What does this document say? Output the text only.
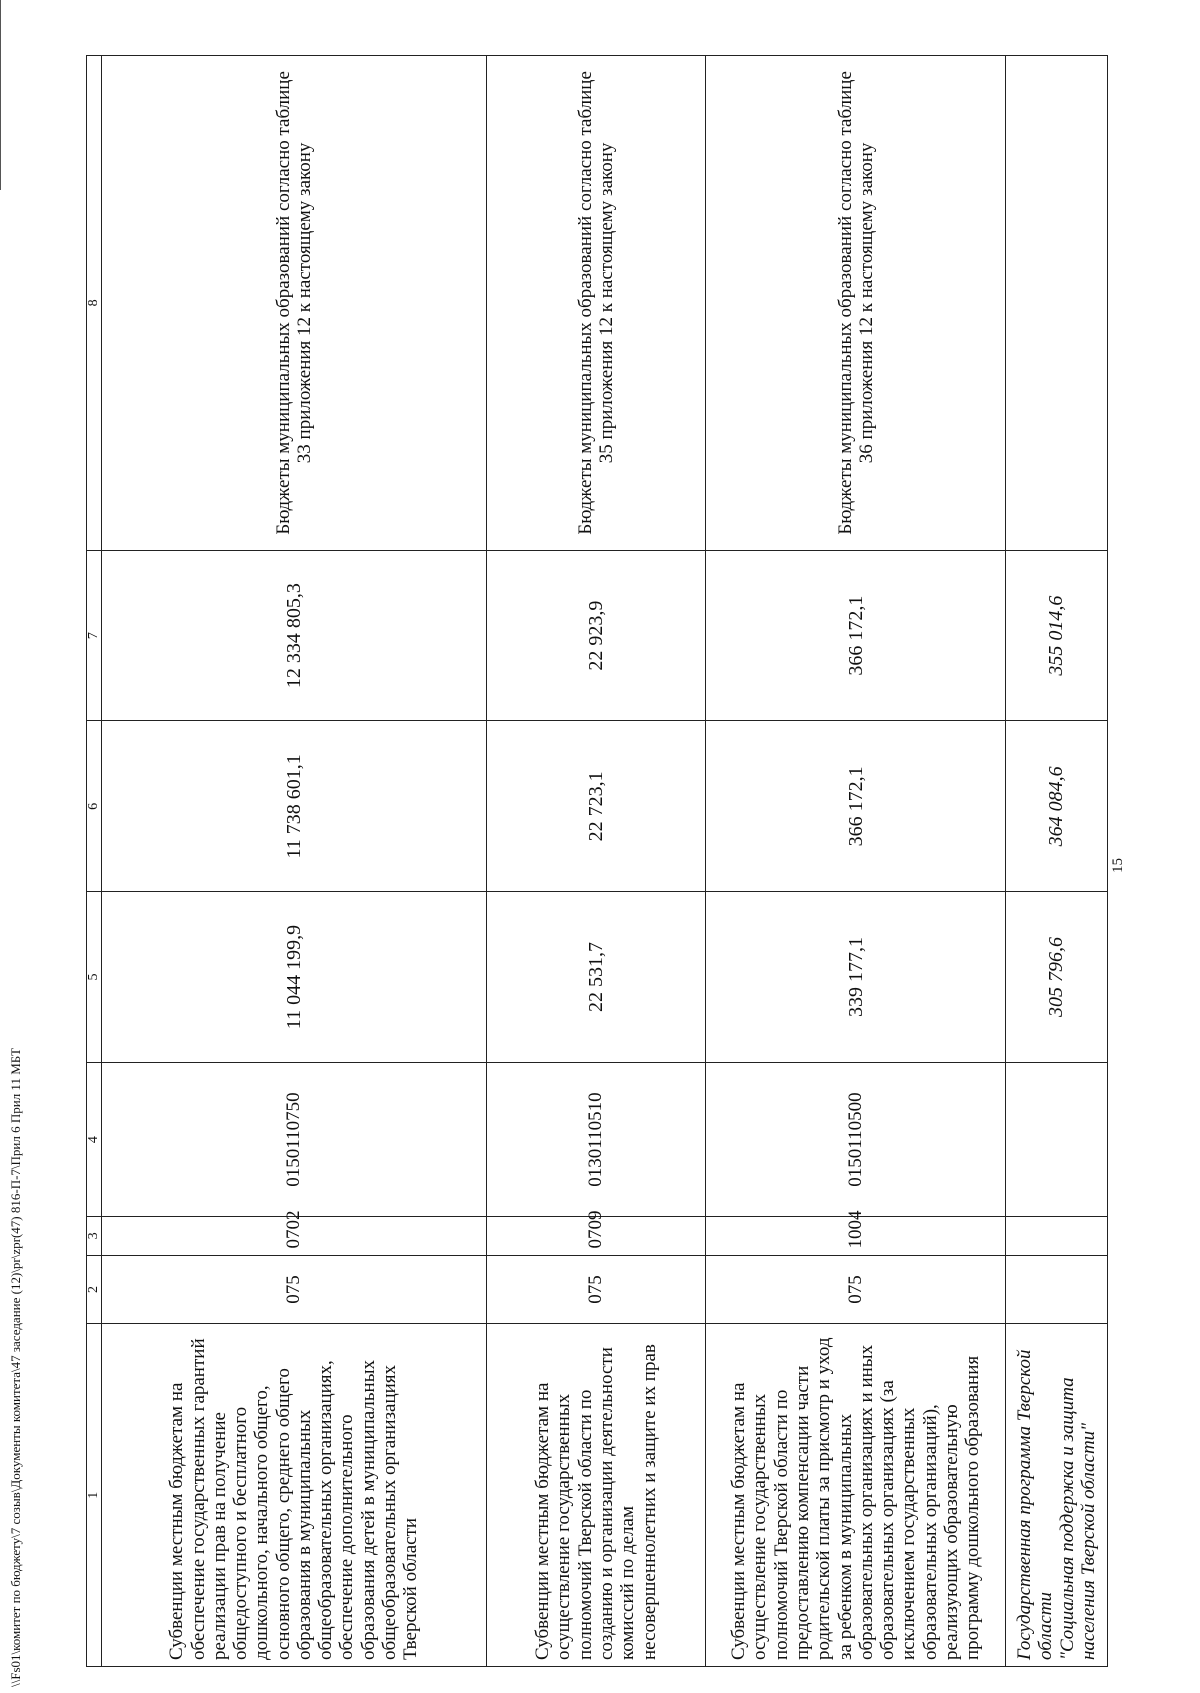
15
1	2	3	4	5	6	7	8
Субвенции местным бюджетам на обеспечение государственных гарантий реализации прав на получение общедоступного и бесплатного дошкольного, начального общего, основного общего, среднего общего образования в муниципальных общеобразовательных организациях, обеспечение дополнительного образования детей в муниципальных общеобразовательных организациях Тверской области	075	0702	0150110750	11 044 199,9	11 738 601,1	12 334 805,3	Бюджеты муниципальных образований согласно таблице 33 приложения 12 к настоящему закону

Субвенции местным бюджетам на осуществление государственных полномочий Тверской области по созданию и организации деятельности комиссий по делам несовершеннолетних и защите их прав	075	0709	0130110510	22 531,7	22 723,1	22 923,9	Бюджеты муниципальных образований согласно таблице 35 приложения 12 к настоящему закону

Субвенции местным бюджетам на осуществление государственных полномочий Тверской области по предоставлению компенсации части родительской платы за присмотр и уход за ребенком в муниципальных образовательных организациях и иных образовательных организациях (за исключением государственных образовательных организаций), реализующих образовательную программу дошкольного образования	075	1004	0150110500	339 177,1	366 172,1	366 172,1	Бюджеты муниципальных образований согласно таблице 36 приложения 12 к настоящему закону

Государственная программа Тверской области "Социальная поддержка и защита населения Тверской области"				305 796,6	364 084,6	355 014,6	
\\Fs01\комитет по бюджету\7 созыв\Документы комитета\47 заседание (12)\pr\zpr(47) 816-П-7\Прил 6 Прил 11 МБТ
